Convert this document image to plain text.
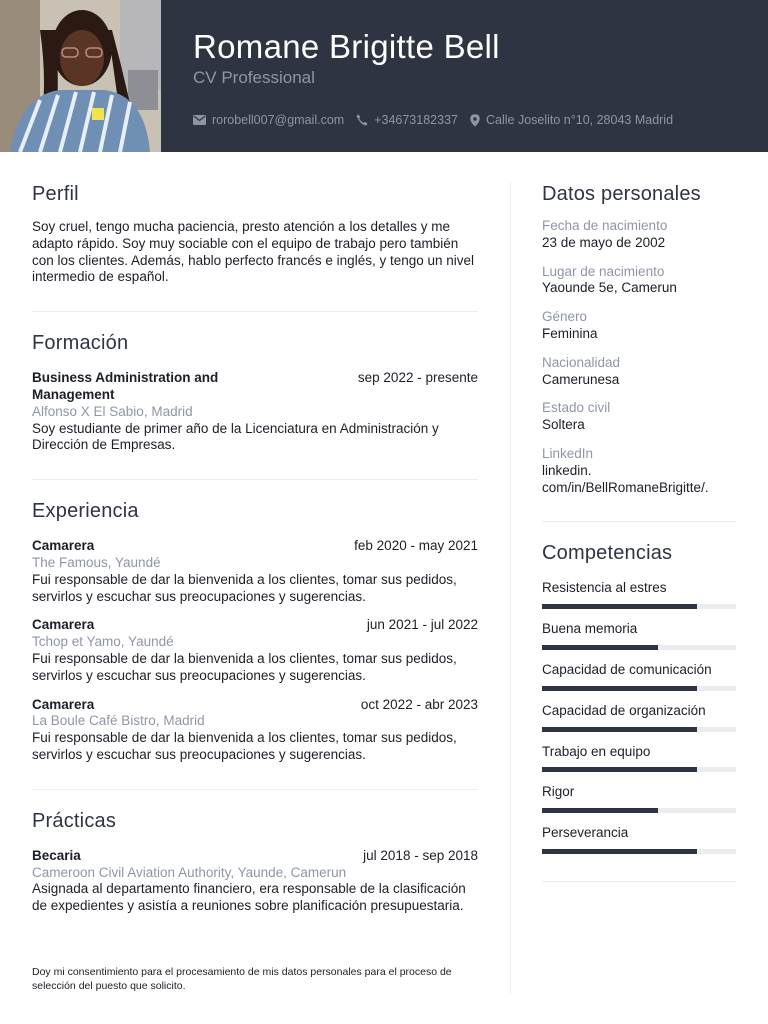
Romane Brigitte Bell
CV Professional
rorobell007@gmail.com +34673182337 Calle Joselito n°10, 28043 Madrid
Perfil
Soy cruel, tengo mucha paciencia, presto atención a los detalles y me adapto rápido. Soy muy sociable con el equipo de trabajo pero también con los clientes. Además, hablo perfecto francés e inglés, y tengo un nivel intermedio de español.
Formación
Business Administration and Management
sep 2022 - presente
Alfonso X El Sabio, Madrid
Soy estudiante de primer año de la Licenciatura en Administración y Dirección de Empresas.
Experiencia
Camarera	feb 2020 - may 2021
The Famous, Yaundé
Fui responsable de dar la bienvenida a los clientes, tomar sus pedidos, servirlos y escuchar sus preocupaciones y sugerencias.
Camarera	jun 2021 - jul 2022
Tchop et Yamo, Yaundé
Fui responsable de dar la bienvenida a los clientes, tomar sus pedidos, servirlos y escuchar sus preocupaciones y sugerencias.
Camarera	oct 2022 - abr 2023
La Boule Café Bistro, Madrid
Fui responsable de dar la bienvenida a los clientes, tomar sus pedidos, servirlos y escuchar sus preocupaciones y sugerencias.
Prácticas
Becaria	jul 2018 - sep 2018
Cameroon Civil Aviation Authority, Yaunde, Camerun
Asignada al departamento financiero, era responsable de la clasificación de expedientes y asistía a reuniones sobre planificación presupuestaria.
Doy mi consentimiento para el procesamiento de mis datos personales para el proceso de selección del puesto que solicito.
Datos personales
Fecha de nacimiento
23 de mayo de 2002
Lugar de nacimiento
Yaounde 5e, Camerun
Género
Feminina
Nacionalidad
Camerunesa
Estado civil
Soltera
LinkedIn
linkedin.
com/in/BellRomaneBrigitte/.
Competencias
Resistencia al estres
Buena memoria
Capacidad de comunicación
Capacidad de organización
Trabajo en equipo
Rigor
Perseverancia
